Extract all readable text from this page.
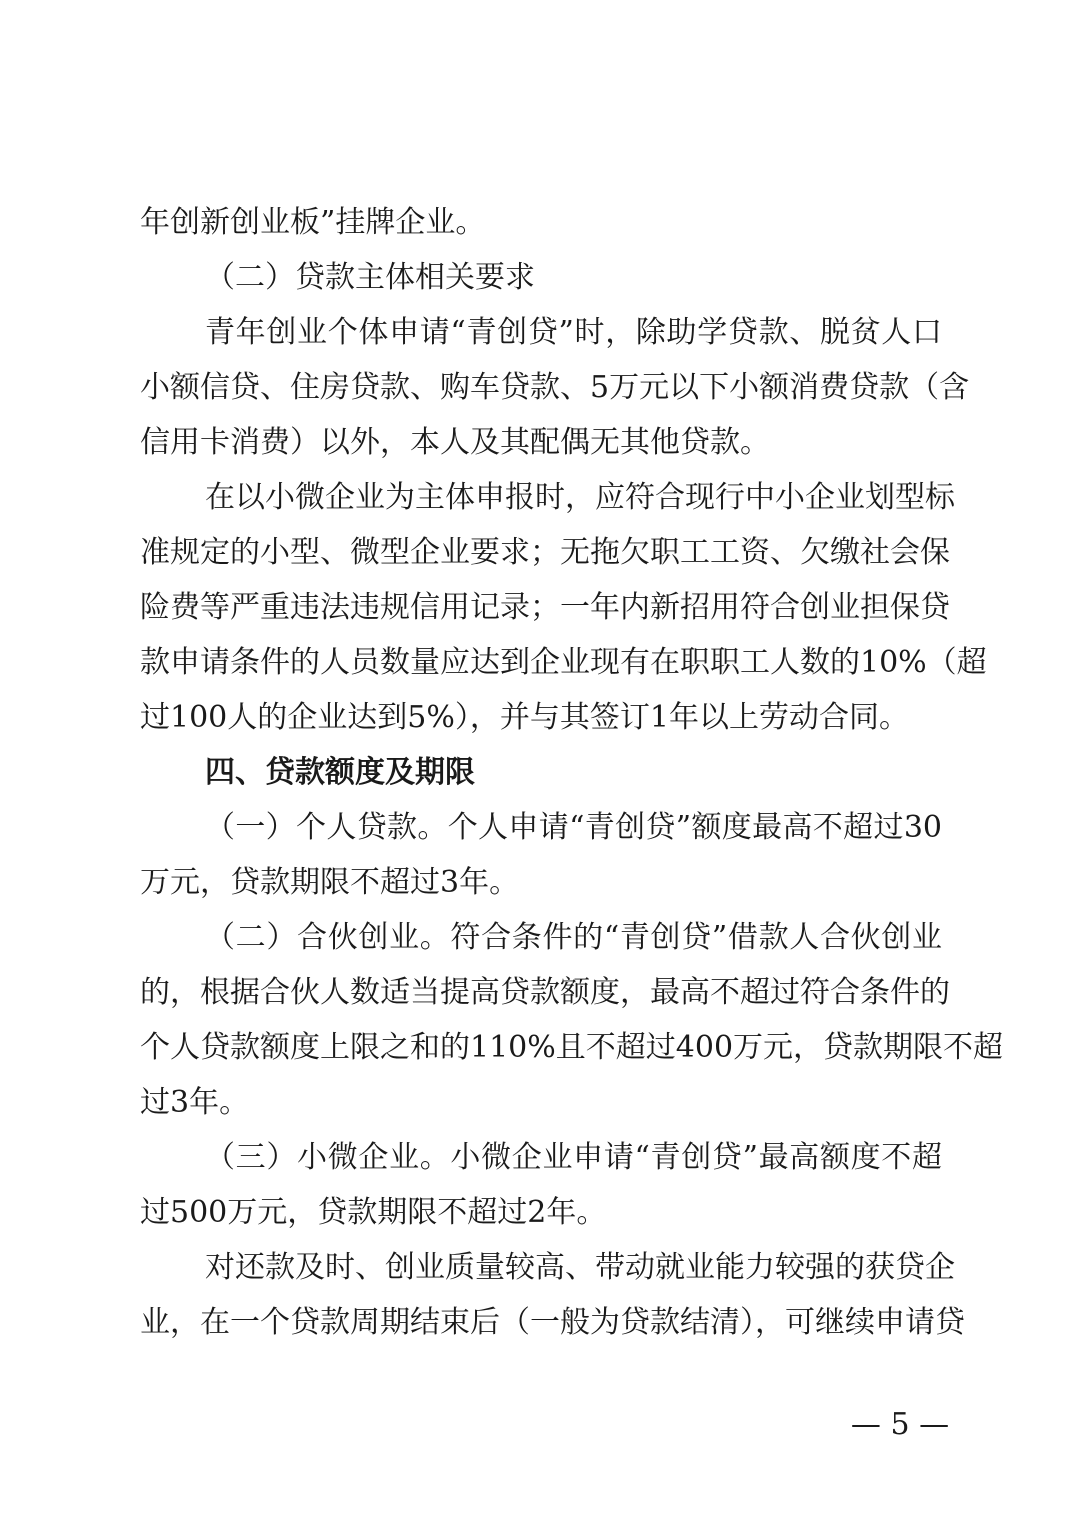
年创新创业板”挂牌企业。
（二）贷款主体相关要求
青年创业个体申请“青创贷”时，除助学贷款、脱贫人口
小额信贷、住房贷款、购车贷款、5万元以下小额消费贷款（含
信用卡消费）以外，本人及其配偶无其他贷款。
在以小微企业为主体申报时，应符合现行中小企业划型标
准规定的小型、微型企业要求；无拖欠职工工资、欠缴社会保
险费等严重违法违规信用记录；一年内新招用符合创业担保贷
款申请条件的人员数量应达到企业现有在职职工人数的10%（超
过100人的企业达到5%），并与其签订1年以上劳动合同。
四、贷款额度及期限
（一）个人贷款。个人申请“青创贷”额度最高不超过30
万元，贷款期限不超过3年。
（二）合伙创业。符合条件的“青创贷”借款人合伙创业
的，根据合伙人数适当提高贷款额度，最高不超过符合条件的
个人贷款额度上限之和的110%且不超过400万元，贷款期限不超
过3年。
（三）小微企业。小微企业申请“青创贷”最高额度不超
过500万元，贷款期限不超过2年。
对还款及时、创业质量较高、带动就业能力较强的获贷企
业，在一个贷款周期结束后（一般为贷款结清），可继续申请贷
— 5 —
